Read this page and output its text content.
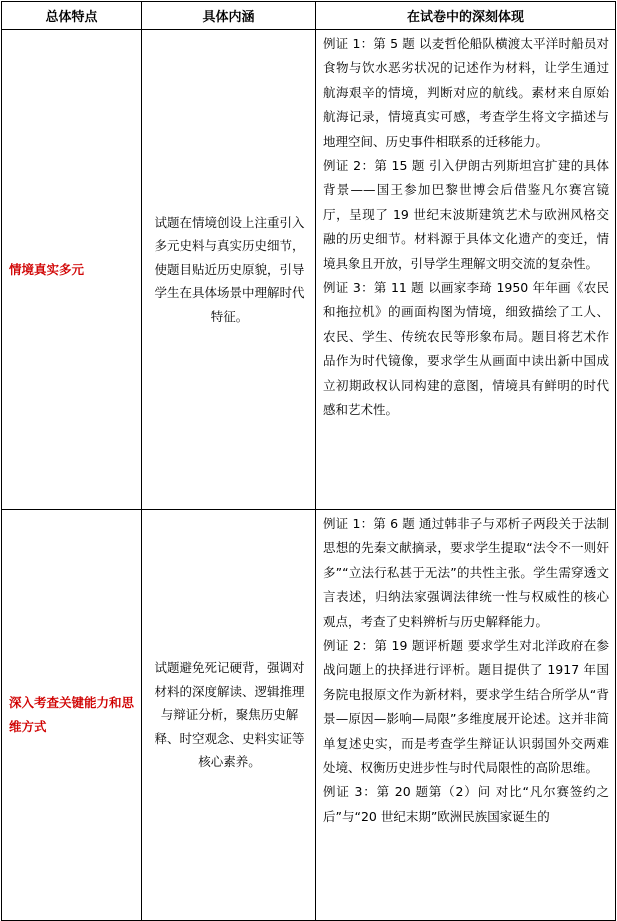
总体特点	具体内涵	在试卷中的深刻体现
情境真实多元	试题在情境创设上注重引入多元史料与真实历史细节，使题目贴近历史原貌，引导学生在具体场景中理解时代特征。	例证 1：第 5 题 以麦哲伦船队横渡太平洋时船员对食物与饮水恶劣状况的记述作为材料，让学生通过航海艰辛的情境，判断对应的航线。素材来自原始航海记录，情境真实可感，考查学生将文字描述与地理空间、历史事件相联系的迁移能力。

例证 2：第 15 题 引入伊朗古列斯坦宫扩建的具体背景——国王参加巴黎世博会后借鉴凡尔赛宫镜厅，呈现了 19 世纪末波斯建筑艺术与欧洲风格交融的历史细节。材料源于具体文化遗产的变迁，情境具象且开放，引导学生理解文明交流的复杂性。

例证 3：第 11 题 以画家李琦 1950 年年画《农民和拖拉机》的画面构图为情境，细致描绘了工人、农民、学生、传统农民等形象布局。题目将艺术作品作为时代镜像，要求学生从画面中读出新中国成立初期政权认同构建的意图，情境具有鲜明的时代感和艺术性。

深入考查关键能力和思维方式	试题避免死记硬背，强调对材料的深度解读、逻辑推理与辩证分析，聚焦历史解释、时空观念、史料实证等核心素养。	例证 1：第 6 题 通过韩非子与邓析子两段关于法制思想的先秦文献摘录，要求学生提取“法令不一则奸多”“立法行私甚于无法”的共性主张。学生需穿透文言表述，归纳法家强调法律统一性与权威性的核心观点，考查了史料辨析与历史解释能力。

例证 2：第 19 题评析题 要求学生对北洋政府在参战问题上的抉择进行评析。题目提供了 1917 年国务院电报原文作为新材料，要求学生结合所学从“背景—原因—影响—局限”多维度展开论述。这并非简单复述史实，而是考查学生辩证认识弱国外交两难处境、权衡历史进步性与时代局限性的高阶思维。

例证 3：第 20 题第（2）问 对比“凡尔赛签约之后”与“20 世纪末期”欧洲民族国家诞生的
